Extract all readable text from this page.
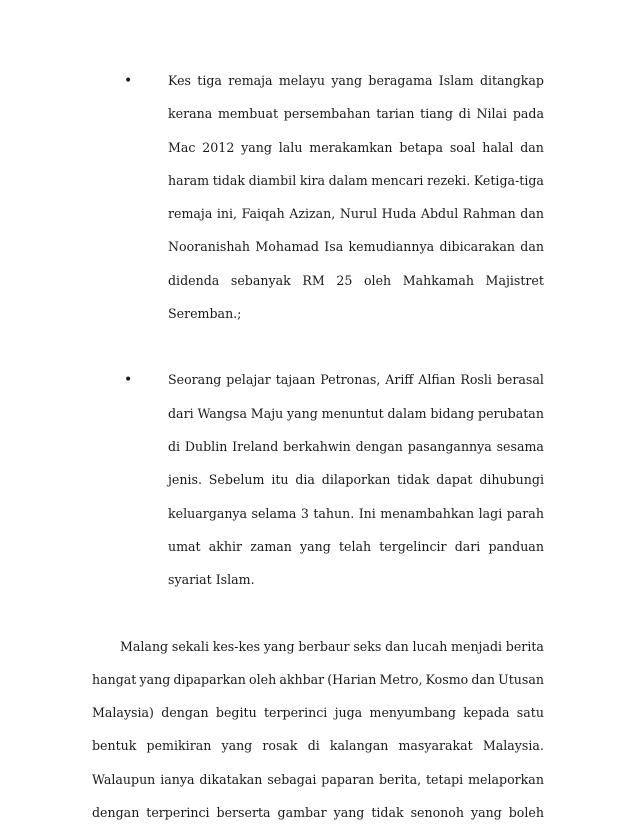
•	Kes tiga remaja melayu yang beragama Islam ditangkap
kerana membuat persembahan tarian tiang di Nilai pada
Mac 2012 yang lalu merakamkan betapa soal halal dan
haram tidak diambil kira dalam mencari rezeki. Ketiga-tiga
remaja ini, Faiqah Azizan, Nurul Huda Abdul Rahman dan
Nooranishah Mohamad Isa kemudiannya dibicarakan dan
didenda sebanyak RM 25 oleh Mahkamah Majistret
Seremban.;
•	Seorang pelajar tajaan Petronas, Ariff Alfian Rosli berasal
dari Wangsa Maju yang menuntut dalam bidang perubatan
di Dublin Ireland berkahwin dengan pasangannya sesama
jenis. Sebelum itu dia dilaporkan tidak dapat dihubungi
keluarganya selama 3 tahun. Ini menambahkan lagi parah
umat akhir zaman yang telah tergelincir dari panduan
syariat Islam.
Malang sekali kes-kes yang berbaur seks dan lucah menjadi berita
hangat yang dipaparkan oleh akhbar (Harian Metro, Kosmo dan Utusan
Malaysia) dengan begitu terperinci juga menyumbang kepada satu
bentuk pemikiran yang rosak di kalangan masyarakat Malaysia.
Walaupun ianya dikatakan sebagai paparan berita, tetapi melaporkan
dengan terperinci berserta gambar yang tidak senonoh yang boleh
